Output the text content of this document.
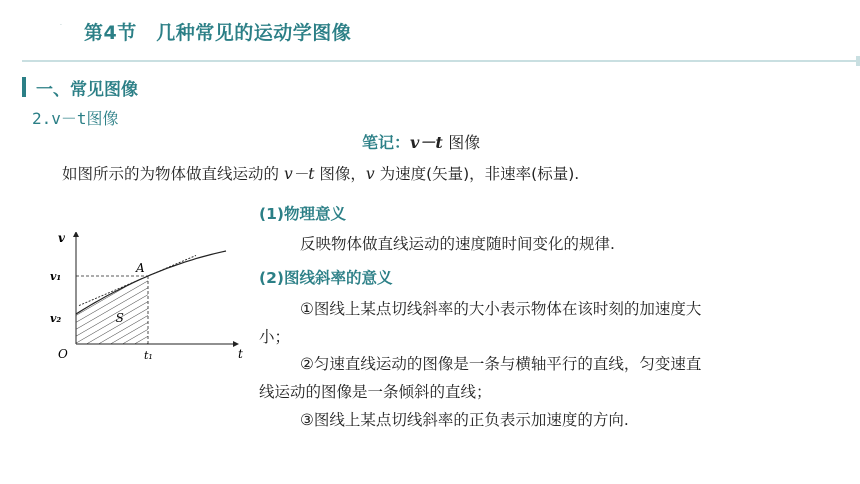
· 第4节　几种常见的运动学图像
一、常见图像
2.v－t图像
笔记：v－t 图像
如图所示的为物体做直线运动的 v－t 图像，v 为速度(矢量)，非速率(标量).
v
t
O
v₁
v₂
t₁
A
S
(1)物理意义
反映物体做直线运动的速度随时间变化的规律.
(2)图线斜率的意义
①图线上某点切线斜率的大小表示物体在该时刻的加速度大
小；
②匀速直线运动的图像是一条与横轴平行的直线，匀变速直
线运动的图像是一条倾斜的直线；
③图线上某点切线斜率的正负表示加速度的方向.
